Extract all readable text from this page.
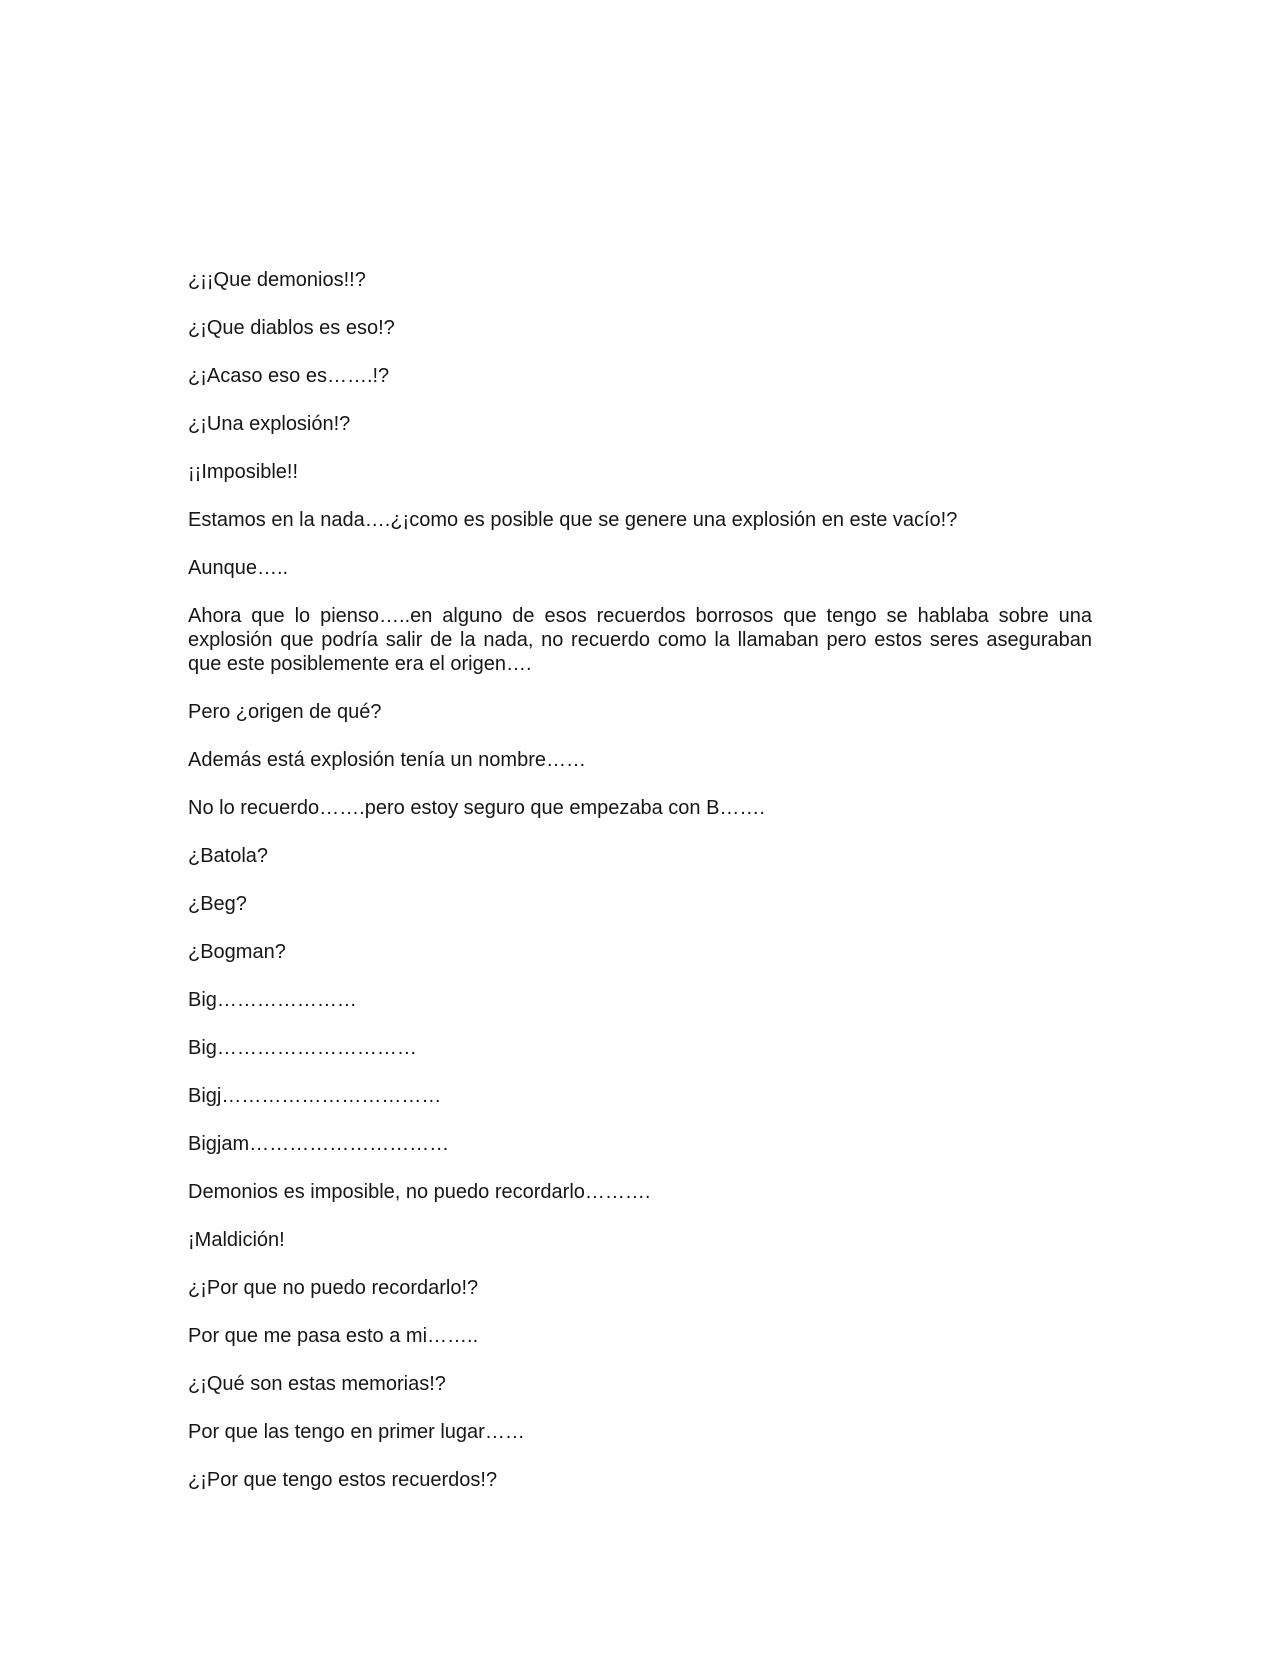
¿¡¡Que demonios!!?

¿¡Que diablos es eso!?

¿¡Acaso eso es…….!?

¿¡Una explosión!?

¡¡Imposible!!

Estamos en la nada….¿¡como es posible que se genere una explosión en este vacío!?

Aunque…..

Ahora que lo pienso…..en alguno de esos recuerdos borrosos que tengo se hablaba sobre una explosión que podría salir de la nada, no recuerdo como la llamaban pero estos seres aseguraban que este posiblemente era el origen….

Pero ¿origen de qué?

Además está explosión tenía un nombre……

No lo recuerdo…….pero estoy seguro que empezaba con B…….

¿Batola?

¿Beg?

¿Bogman?

Big…………………

Big…………………………

Bigj……………………………

Bigjam…………………………

Demonios es imposible, no puedo recordarlo……….

¡Maldición!

¿¡Por que no puedo recordarlo!?

Por que me pasa esto a mi……..

¿¡Qué son estas memorias!?

Por que las tengo en primer lugar……

¿¡Por que tengo estos recuerdos!?
